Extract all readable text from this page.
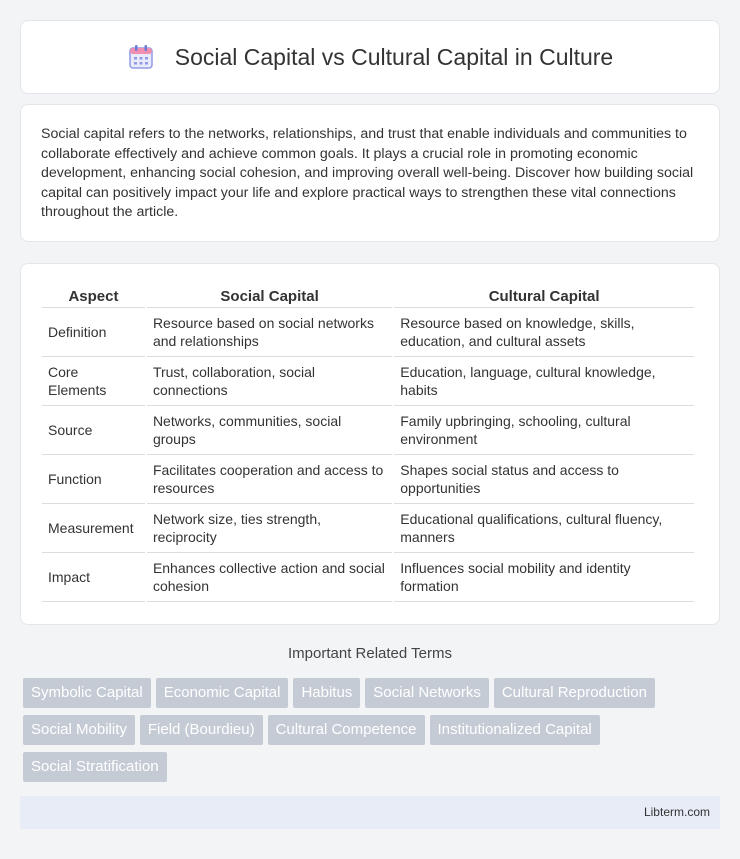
Social Capital vs Cultural Capital in Culture

Social capital refers to the networks, relationships, and trust that enable individuals and communities to collaborate effectively and achieve common goals. It plays a crucial role in promoting economic development, enhancing social cohesion, and improving overall well-being. Discover how building social capital can positively impact your life and explore practical ways to strengthen these vital connections throughout the article.

Aspect	Social Capital	Cultural Capital
Definition	Resource based on social networks and relationships	Resource based on knowledge, skills, education, and cultural assets
Core Elements	Trust, collaboration, social connections	Education, language, cultural knowledge, habits
Source	Networks, communities, social groups	Family upbringing, schooling, cultural environment
Function	Facilitates cooperation and access to resources	Shapes social status and access to opportunities
Measurement	Network size, ties strength, reciprocity	Educational qualifications, cultural fluency, manners
Impact	Enhances collective action and social cohesion	Influences social mobility and identity formation
Important Related Terms
Symbolic Capital Economic Capital Habitus Social Networks Cultural Reproduction
Social Mobility Field (Bourdieu) Cultural Competence Institutionalized Capital
Social Stratification
Libterm.com
